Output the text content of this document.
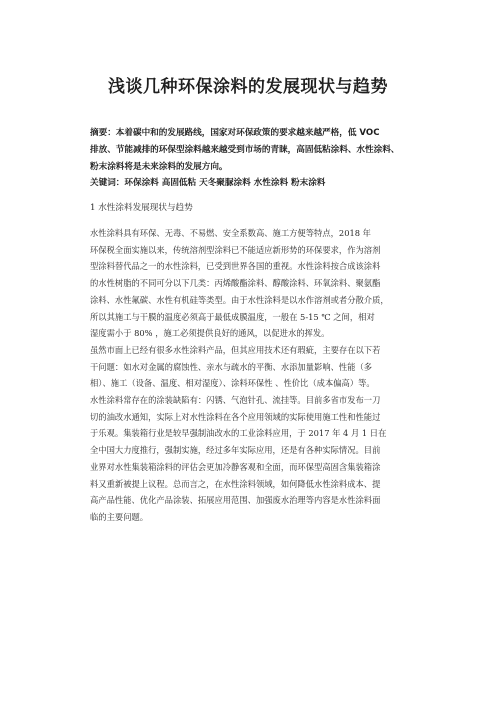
浅谈几种环保涂料的发展现状与趋势
摘要：本着碳中和的发展路线，国家对环保政策的要求越来越严格，低 VOC
排放、节能减排的环保型涂料越来越受到市场的青睐，高固低粘涂料、水性涂料、
粉末涂料将是未来涂料的发展方向。
关键词：环保涂料 高固低粘 天冬聚脲涂料 水性涂料 粉末涂料
1 水性涂料发展现状与趋势
水性涂料具有环保、无毒、不易燃、安全系数高、施工方便等特点，2018 年
环保税全面实施以来，传统溶剂型涂料已不能适应新形势的环保要求，作为溶剂
型涂料替代品之一的水性涂料，已受到世界各国的重视。水性涂料按合成该涂料
的水性树脂的不同可分以下几类：丙烯酸酯涂料、醇酸涂料、环氧涂料、聚氨酯
涂料、水性氟碳、水性有机硅等类型。由于水性涂料是以水作溶剂或者分散介质，
所以其施工与干膜的温度必须高于最低成膜温度，一般在 5-15 ℃ 之间，相对
湿度需小于 80% ，施工必须提供良好的通风，以促进水的挥发。
虽然市面上已经有很多水性涂料产品，但其应用技术还有瑕疵，主要存在以下若
干问题：如水对金属的腐蚀性、亲水与疏水的平衡、水添加量影响、性能（多
相）、施工（设备、温度、相对湿度）、涂料环保性 、性价比（成本偏高）等。
水性涂料常存在的涂装缺陷有：闪锈、气泡针孔、流挂等。目前多省市发布一刀
切的油改水通知，实际上对水性涂料在各个应用领域的实际使用施工性和性能过
于乐观。集装箱行业是较早强制油改水的工业涂料应用，于 2017 年 4 月 1 日在
全中国大力度推行，强制实施，经过多年实际应用，还是有各种实际情况。目前
业界对水性集装箱涂料的评估会更加冷静客观和全面，而环保型高固含集装箱涂
料又重新被提上议程。总而言之，在水性涂料领域，如何降低水性涂料成本、提
高产品性能、优化产品涂装、拓展应用范围、加强废水治理等内容是水性涂料面
临的主要问题。
